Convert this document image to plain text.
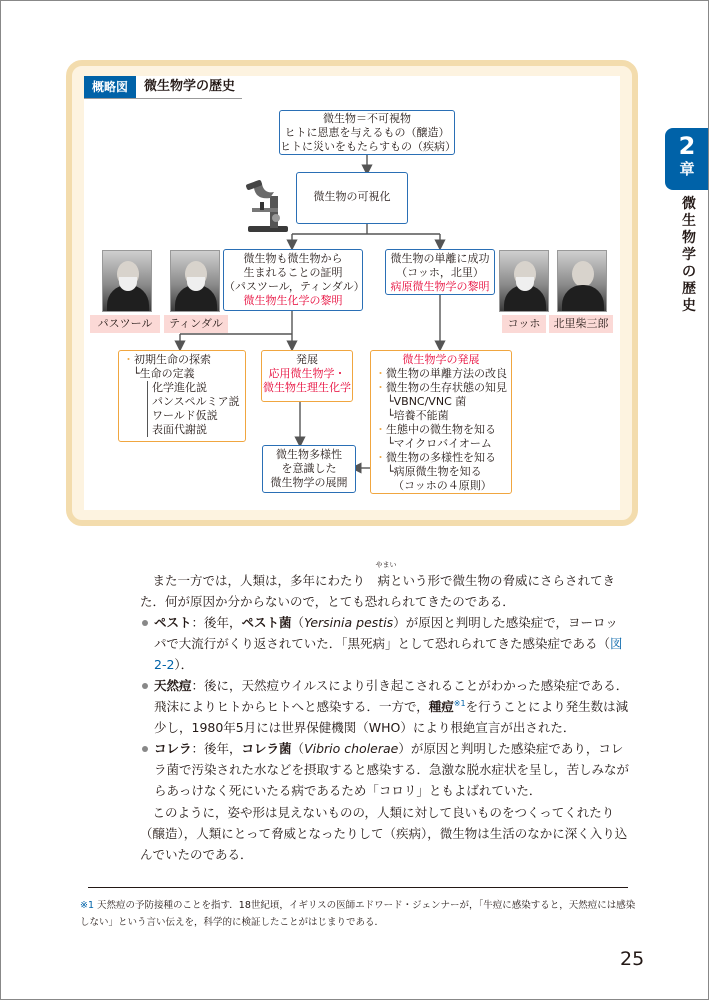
2
章
微
生
物
学
の
歴
史
概略図	微生物学の歴史
微生物＝不可視物
ヒトに恩恵を与えるもの（醸造）
ヒトに災いをもたらすもの（疾病）
微生物の可視化
パスツール	ティンダル
微生物も微生物から
生まれることの証明
（パスツール，ティンダル）
微生物生化学の黎明
微生物の単離に成功
（コッホ，北里）
病原微生物学の黎明
コッホ	北里柴三郎
・初期生命の探索
└生命の定義
化学進化説
パンスペルミア説
ワールド仮説
表面代謝説
発展
応用微生物学・
微生物生理生化学
微生物学の発展
・微生物の単離方法の改良
・微生物の生存状態の知見
└VBNC/VNC 菌
└培養不能菌
・生態中の微生物を知る
└マイクロバイオーム
・微生物の多様性を知る
└病原微生物を知る
（コッホの４原則）
微生物多様性
を意識した
微生物学の展開
また一方では，人類は，多年にわたり
やまい
病という形で微生物の脅威にさらされてきた．何が原因か分からないので，とても恐れられてきたのである．
ペスト：後年，ペスト菌（Yersinia pestis）が原因と判明した感染症で，ヨーロッパで大流行がくり返されていた．「黒死病」として恐れられてきた感染症である（図2-2）．
天然痘：後に，天然痘ウイルスにより引き起こされることがわかった感染症である．飛沫によりヒトからヒトへと感染する．一方で，種痘$^{※1}$を行うことにより発生数は減少し，1980年5月には世界保健機関（WHO）により根絶宣言が出された．
コレラ：後年，コレラ菌（Vibrio cholerae）が原因と判明した感染症であり，コレラ菌で汚染された水などを摂取すると感染する．急激な脱水症状を呈し，苦しみながらあっけなく死にいたる病であるため「コロリ」ともよばれていた．
このように，姿や形は見えないものの，人類に対して良いものをつくってくれたり（醸造），人類にとって脅威となったりして（疾病），微生物は生活のなかに深く入り込んでいたのである．
※1 天然痘の予防接種のことを指す．18世紀頃，イギリスの医師エドワード・ジェンナーが，「牛痘に感染すると，天然痘には感染しない」という言い伝えを，科学的に検証したことがはじまりである．
25
